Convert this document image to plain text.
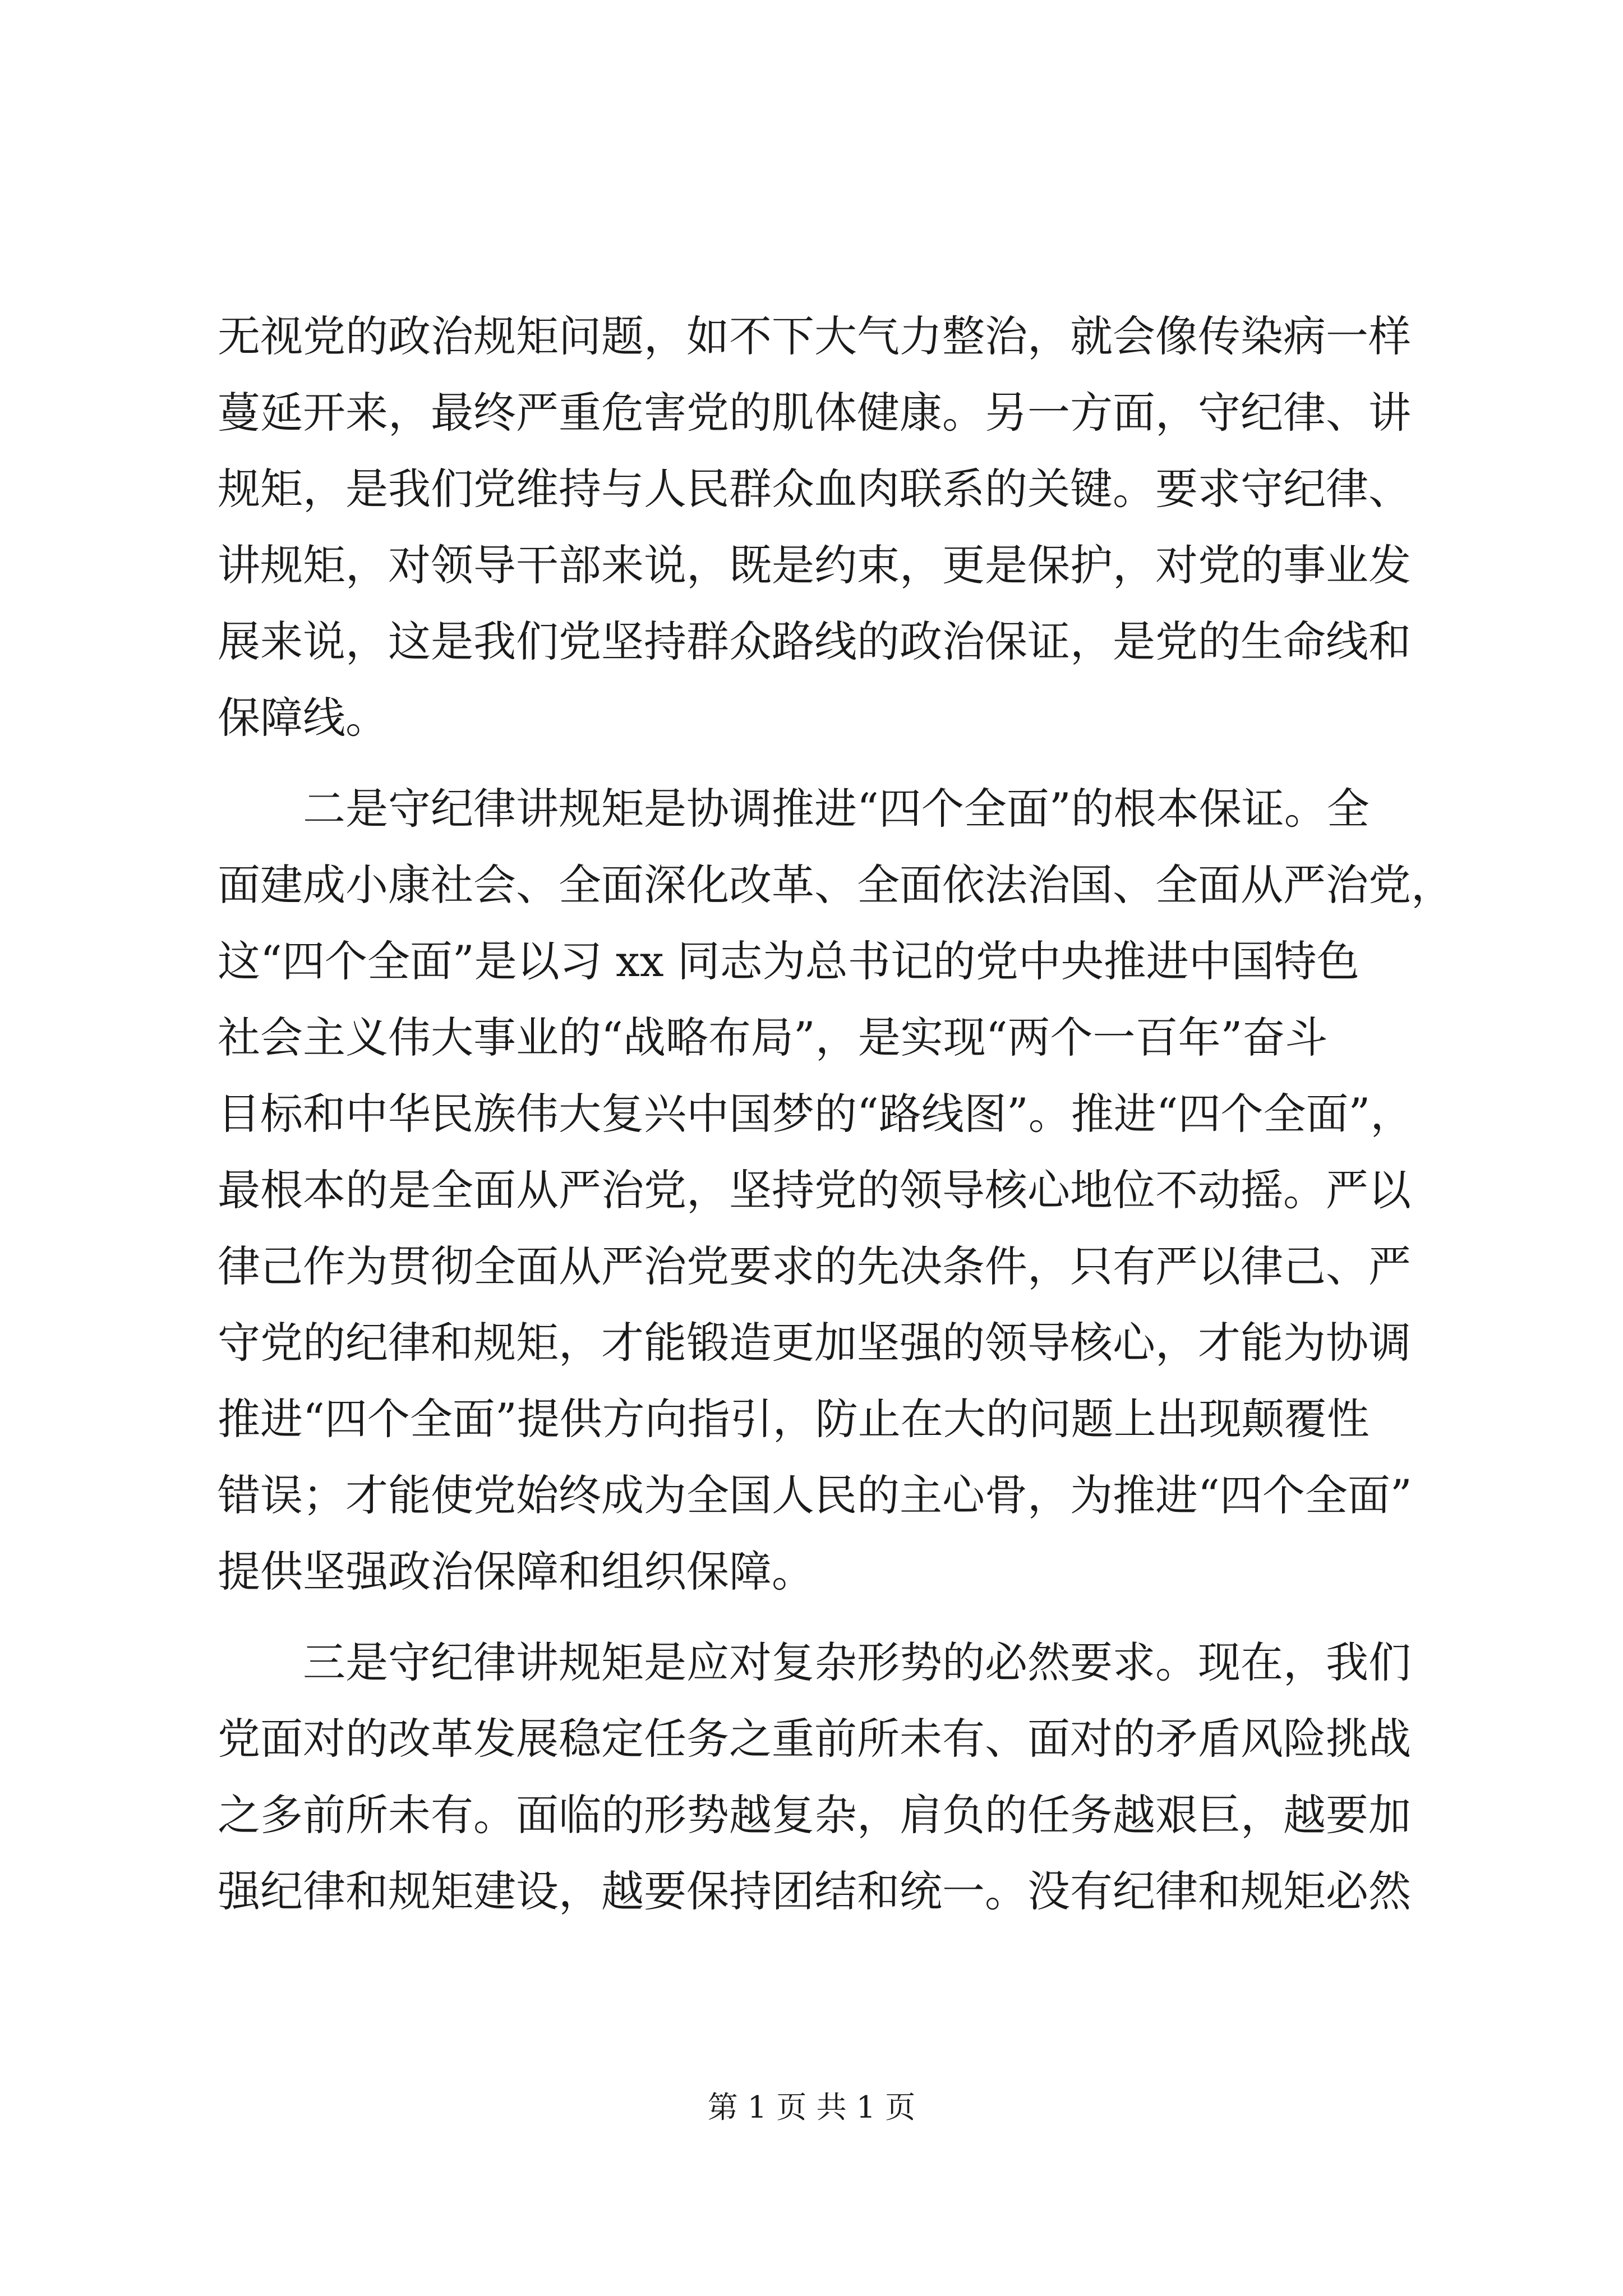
无视党的政治规矩问题，如不下大气力整治，就会像传染病一样
蔓延开来，最终严重危害党的肌体健康。另一方面，守纪律、讲
规矩，是我们党维持与人民群众血肉联系的关键。要求守纪律、
讲规矩，对领导干部来说，既是约束，更是保护，对党的事业发
展来说，这是我们党坚持群众路线的政治保证，是党的生命线和
保障线。
　　二是守纪律讲规矩是协调推进“四个全面”的根本保证。全
面建成小康社会、全面深化改革、全面依法治国、全面从严治党，
这“四个全面”是以习 xx 同志为总书记的党中央推进中国特色
社会主义伟大事业的“战略布局”，是实现“两个一百年”奋斗
目标和中华民族伟大复兴中国梦的“路线图”。推进“四个全面”，
最根本的是全面从严治党，坚持党的领导核心地位不动摇。严以
律己作为贯彻全面从严治党要求的先决条件，只有严以律己、严
守党的纪律和规矩，才能锻造更加坚强的领导核心，才能为协调
推进“四个全面”提供方向指引，防止在大的问题上出现颠覆性
错误；才能使党始终成为全国人民的主心骨，为推进“四个全面”
提供坚强政治保障和组织保障。
　　三是守纪律讲规矩是应对复杂形势的必然要求。现在，我们
党面对的改革发展稳定任务之重前所未有、面对的矛盾风险挑战
之多前所未有。面临的形势越复杂，肩负的任务越艰巨，越要加
强纪律和规矩建设，越要保持团结和统一。没有纪律和规矩必然
第 1 页 共 1 页
